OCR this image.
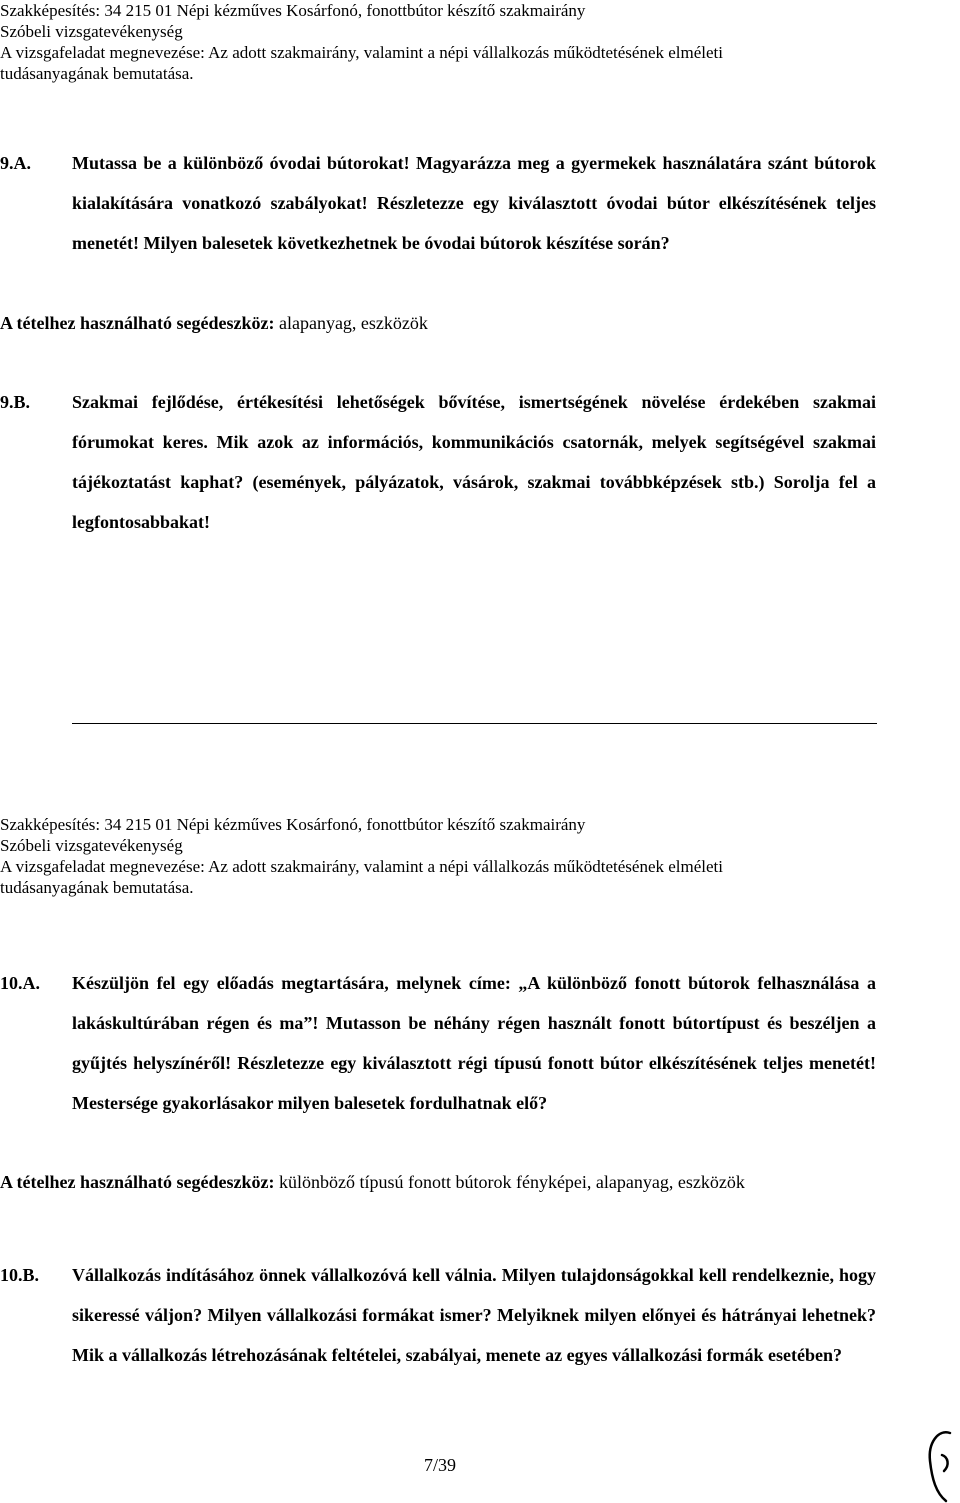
Szakképesítés: 34 215 01 Népi kézműves Kosárfonó, fonottbútor készítő szakmairány
Szóbeli vizsgatevékenység
A vizsgafeladat megnevezése: Az adott szakmairány, valamint a népi vállalkozás működtetésének elméleti
tudásanyagának bemutatása.
9.A. Mutassa be a különböző óvodai bútorokat! Magyarázza meg a gyermekek használatára szánt bútorok kialakítására vonatkozó szabályokat! Részletezze egy kiválasztott óvodai bútor elkészítésének teljes menetét! Milyen balesetek következhetnek be óvodai bútorok készítése során?
A tételhez használható segédeszköz: alapanyag, eszközök
9.B. Szakmai fejlődése, értékesítési lehetőségek bővítése, ismertségének növelése érdekében szakmai fórumokat keres. Mik azok az információs, kommunikációs csatornák, melyek segítségével szakmai tájékoztatást kaphat? (események, pályázatok, vásárok, szakmai továbbképzések stb.) Sorolja fel a legfontosabbakat!
Szakképesítés: 34 215 01 Népi kézműves Kosárfonó, fonottbútor készítő szakmairány
Szóbeli vizsgatevékenység
A vizsgafeladat megnevezése: Az adott szakmairány, valamint a népi vállalkozás működtetésének elméleti
tudásanyagának bemutatása.
10.A. Készüljön fel egy előadás megtartására, melynek címe: „A különböző fonott bútorok felhasználása a lakáskultúrában régen és ma”! Mutasson be néhány régen használt fonott bútortípust és beszéljen a gyűjtés helyszínéről! Részletezze egy kiválasztott régi típusú fonott bútor elkészítésének teljes menetét! Mestersége gyakorlásakor milyen balesetek fordulhatnak elő?
A tételhez használható segédeszköz: különböző típusú fonott bútorok fényképei, alapanyag, eszközök
10.B. Vállalkozás indításához önnek vállalkozóvá kell válnia. Milyen tulajdonságokkal kell rendelkeznie, hogy sikeressé váljon? Milyen vállalkozási formákat ismer? Melyiknek milyen előnyei és hátrányai lehetnek? Mik a vállalkozás létrehozásának feltételei, szabályai, menete az egyes vállalkozási formák esetében?
7/39
